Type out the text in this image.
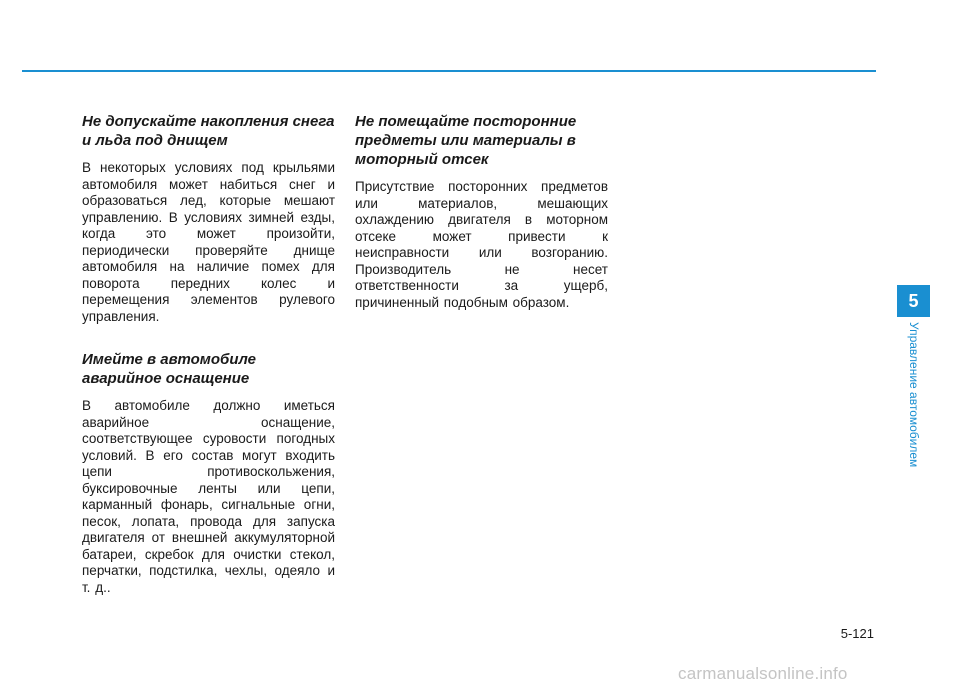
Не допускайте накопления снега и льда под днищем

В некоторых условиях под крыльями автомобиля может набиться снег и образоваться лед, которые мешают управлению. В условиях зимней езды, когда это может произойти, периодически проверяйте днище автомобиля на наличие помех для поворота передних колес и перемещения элементов рулевого управления.

Имейте в автомобиле аварийное оснащение

В автомобиле должно иметься аварийное оснащение, соответствующее суровости погодных условий. В его состав могут входить цепи противоскольжения, буксировочные ленты или цепи, карманный фонарь, сигнальные огни, песок, лопата, провода для запуска двигателя от внешней аккумуляторной батареи, скребок для очистки стекол, перчатки, подстилка, чехлы, одеяло и т. д..

Не помещайте посторонние предметы или материалы в моторный отсек

Присутствие посторонних предметов или материалов, мешающих охлаждению двигателя в моторном отсеке может привести к неисправности или возгоранию. Производитель не несет ответственности за ущерб, причиненный подобным образом.	5
Управление автомобилем
5-121
carmanualsonline.info
